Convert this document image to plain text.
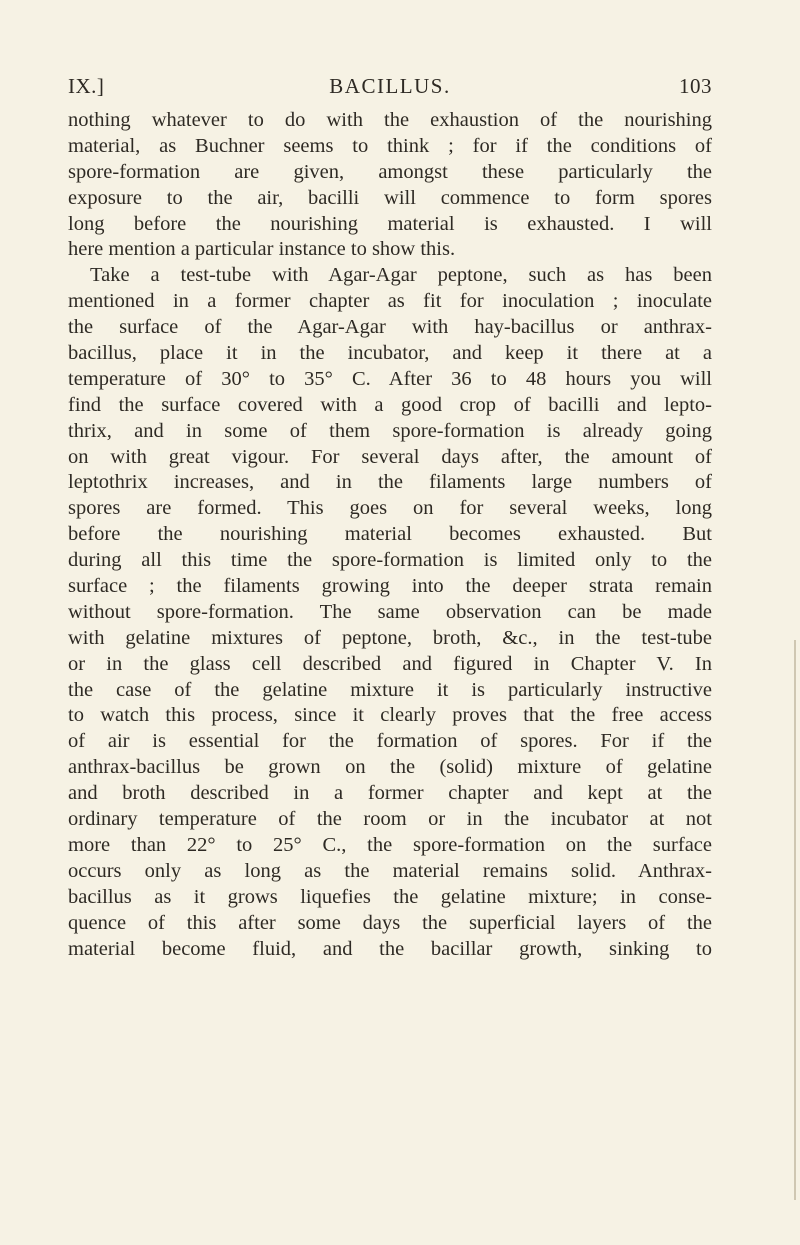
IX.]	BACILLUS.	103
nothing whatever to do with the exhaustion of the nourishing
material, as Buchner seems to think ; for if the conditions of
spore-formation are given, amongst these particularly the
exposure to the air, bacilli will commence to form spores
long before the nourishing material is exhausted. I will
here mention a particular instance to show this.
Take a test-tube with Agar-Agar peptone, such as has been
mentioned in a former chapter as fit for inoculation ; inoculate
the surface of the Agar-Agar with hay-bacillus or anthrax-
bacillus, place it in the incubator, and keep it there at a
temperature of 30° to 35° C. After 36 to 48 hours you will
find the surface covered with a good crop of bacilli and lepto-
thrix, and in some of them spore-formation is already going
on with great vigour. For several days after, the amount of
leptothrix increases, and in the filaments large numbers of
spores are formed. This goes on for several weeks, long
before the nourishing material becomes exhausted. But
during all this time the spore-formation is limited only to the
surface ; the filaments growing into the deeper strata remain
without spore-formation. The same observation can be made
with gelatine mixtures of peptone, broth, &c., in the test-tube
or in the glass cell described and figured in Chapter V. In
the case of the gelatine mixture it is particularly instructive
to watch this process, since it clearly proves that the free access
of air is essential for the formation of spores. For if the
anthrax-bacillus be grown on the (solid) mixture of gelatine
and broth described in a former chapter and kept at the
ordinary temperature of the room or in the incubator at not
more than 22° to 25° C., the spore-formation on the surface
occurs only as long as the material remains solid. Anthrax-
bacillus as it grows liquefies the gelatine mixture; in conse-
quence of this after some days the superficial layers of the
material become fluid, and the bacillar growth, sinking to
